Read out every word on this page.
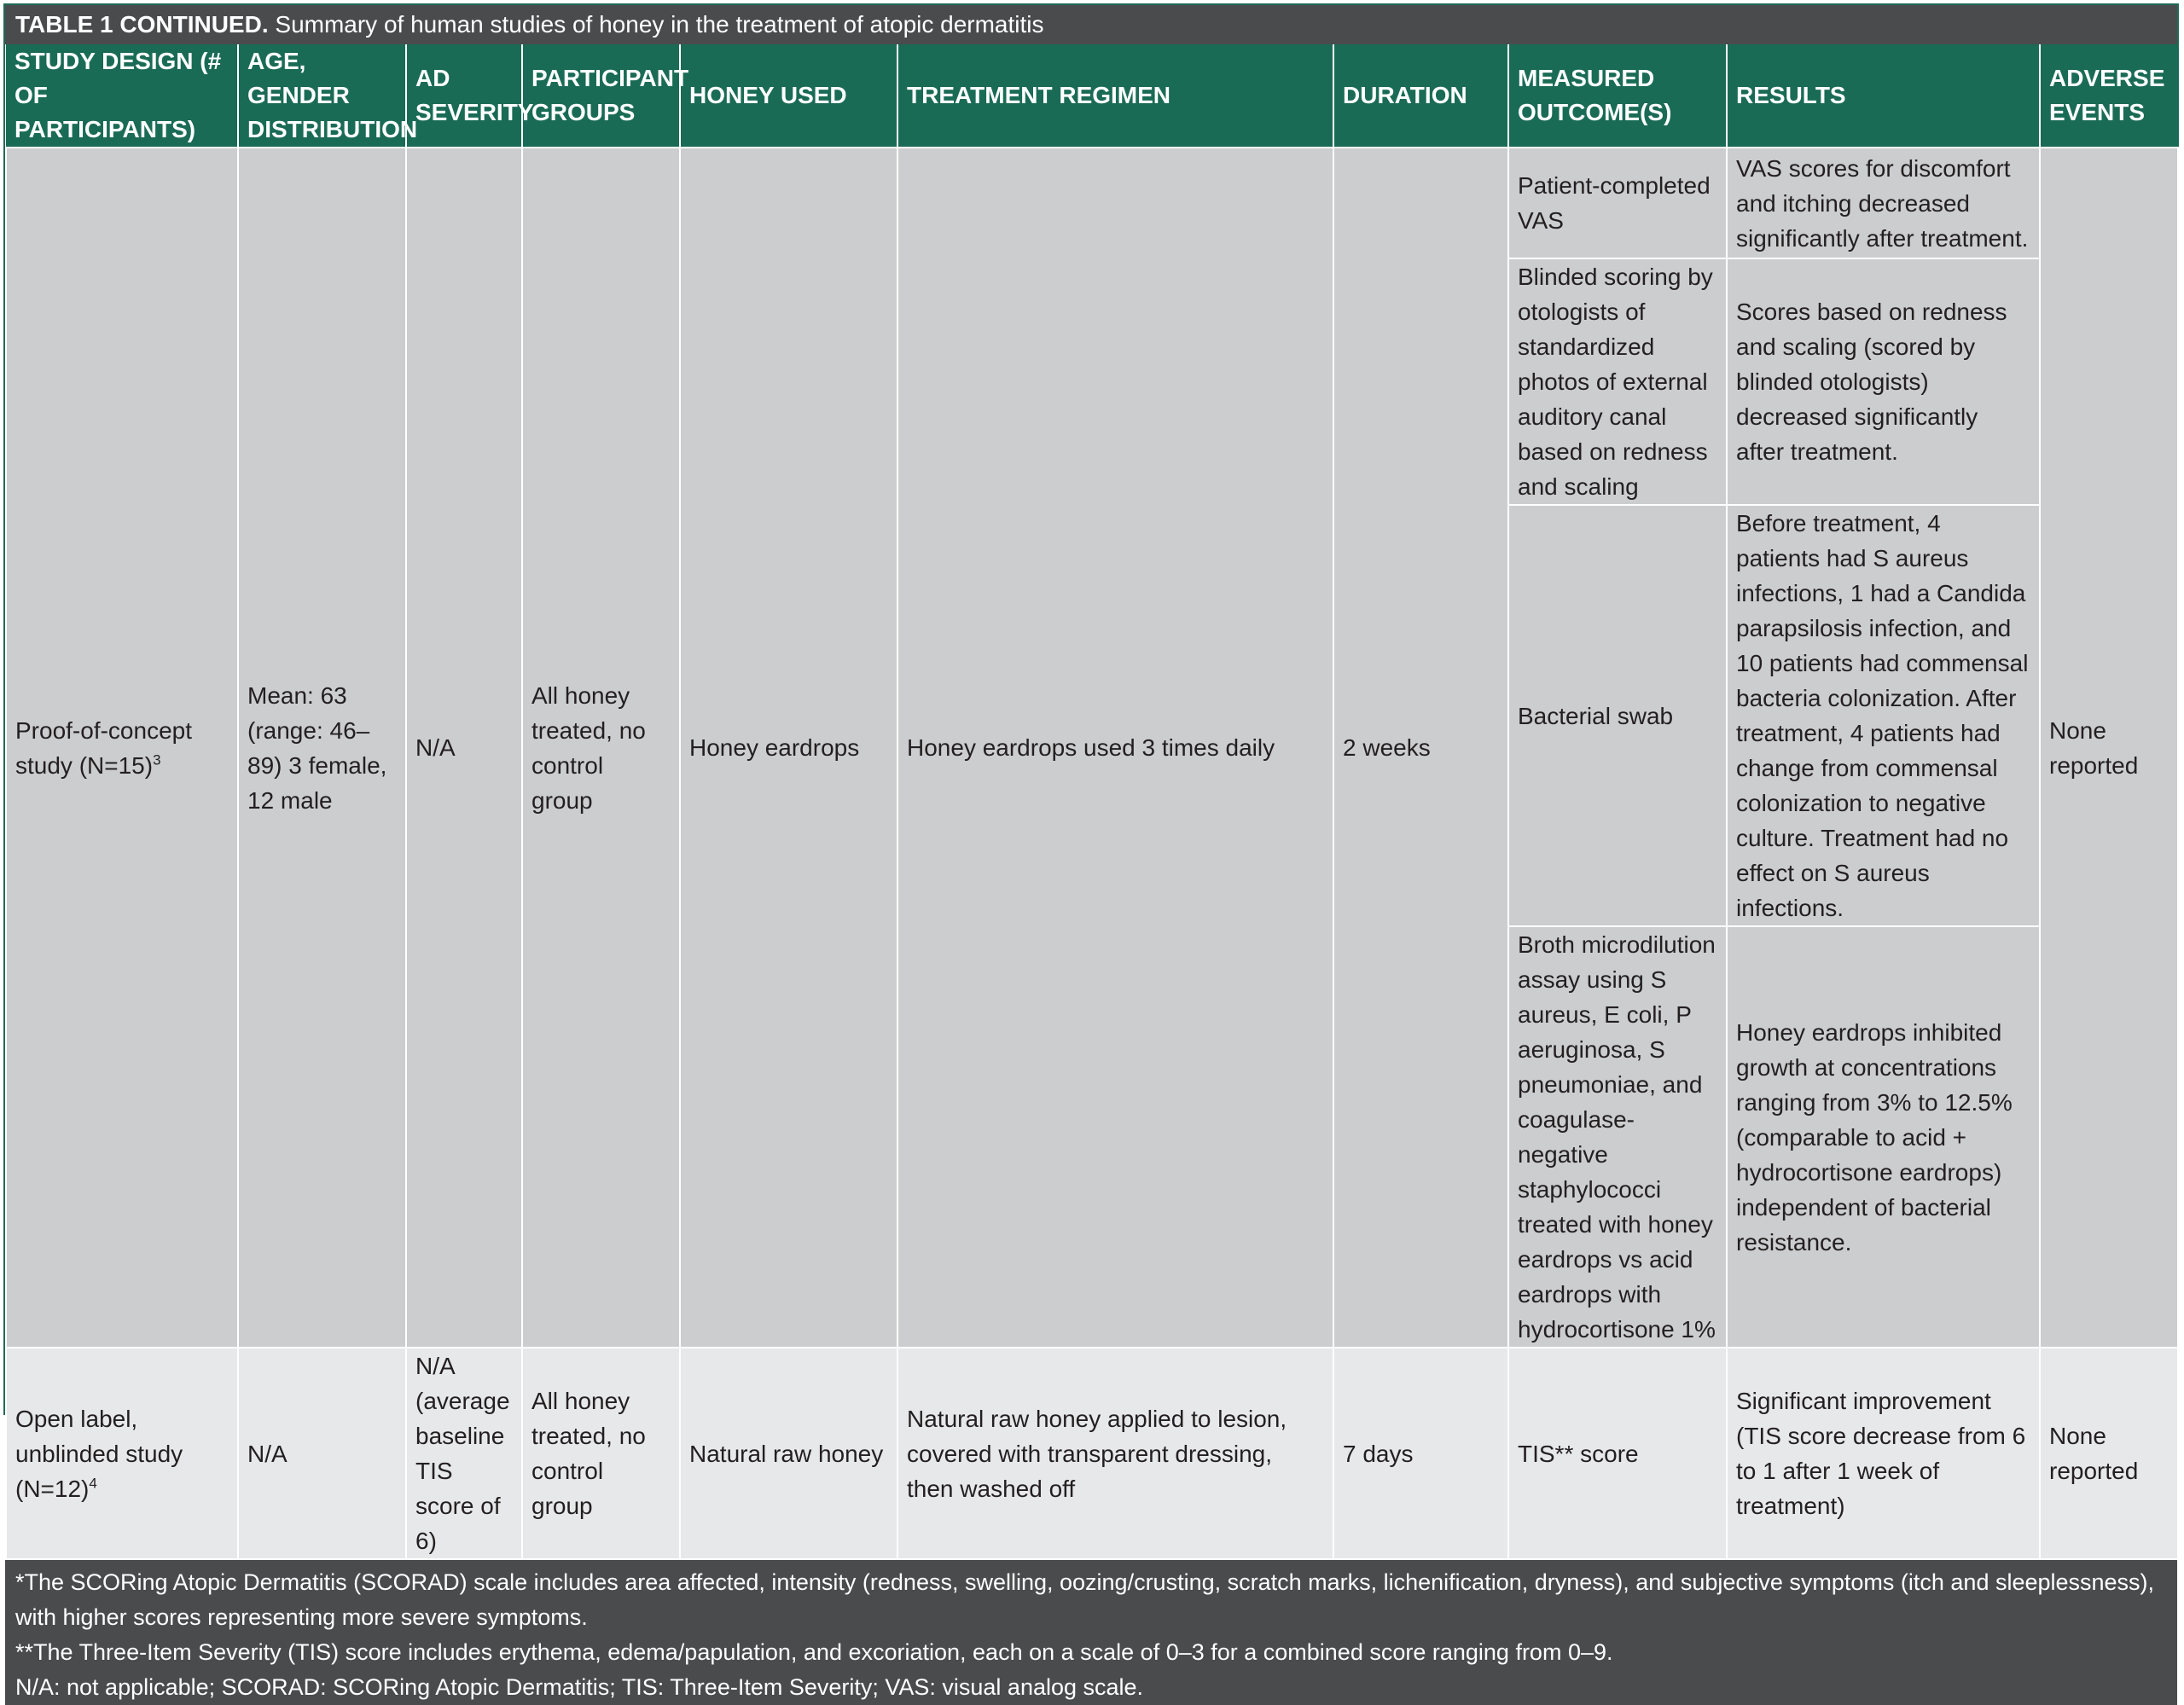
TABLE 1 CONTINUED. Summary of human studies of honey in the treatment of atopic dermatitis
STUDY DESIGN (# OF PARTICIPANTS)	AGE, GENDER DISTRIBUTION	AD SEVERITY	PARTICIPANT GROUPS	HONEY USED	TREATMENT REGIMEN	DURATION	MEASURED OUTCOME(S)	RESULTS	ADVERSE EVENTS
Proof-of-concept study (N=15)$^3$	Mean: 63 (range: 46–89) 3 female, 12 male	N/A	All honey treated, no control group	Honey eardrops	Honey eardrops used 3 times daily	2 weeks	Patient-completed VAS	VAS scores for discomfort and itching decreased significantly after treatment.	None reported
							Blinded scoring by otologists of standardized photos of external auditory canal based on redness and scaling	Scores based on redness and scaling (scored by blinded otologists) decreased significantly after treatment.	
							Bacterial swab	Before treatment, 4 patients had S aureus infections, 1 had a Candida parapsilosis infection, and 10 patients had commensal bacteria colonization. After treatment, 4 patients had change from commensal colonization to negative culture. Treatment had no effect on S aureus infections.	
							Broth microdilution assay using S aureus, E coli, P aeruginosa, S pneumoniae, and coagulase-negative staphylococci treated with honey eardrops vs acid eardrops with hydrocortisone 1%	Honey eardrops inhibited growth at concentrations ranging from 3% to 12.5% (comparable to acid + hydrocortisone eardrops) independent of bacterial resistance.	
Open label, unblinded study (N=12)$^4$	N/A	N/A (average baseline TIS score of 6)	All honey treated, no control group	Natural raw honey	Natural raw honey applied to lesion, covered with transparent dressing, then washed off	7 days	TIS** score	Significant improvement (TIS score decrease from 6 to 1 after 1 week of treatment)	None reported
*The SCORing Atopic Dermatitis (SCORAD) scale includes area affected, intensity (redness, swelling, oozing/crusting, scratch marks, lichenification, dryness), and subjective symptoms (itch and sleeplessness), with higher scores representing more severe symptoms.
**The Three-Item Severity (TIS) score includes erythema, edema/papulation, and excoriation, each on a scale of 0–3 for a combined score ranging from 0–9.
N/A: not applicable; SCORAD: SCORing Atopic Dermatitis; TIS: Three-Item Severity; VAS: visual analog scale.
